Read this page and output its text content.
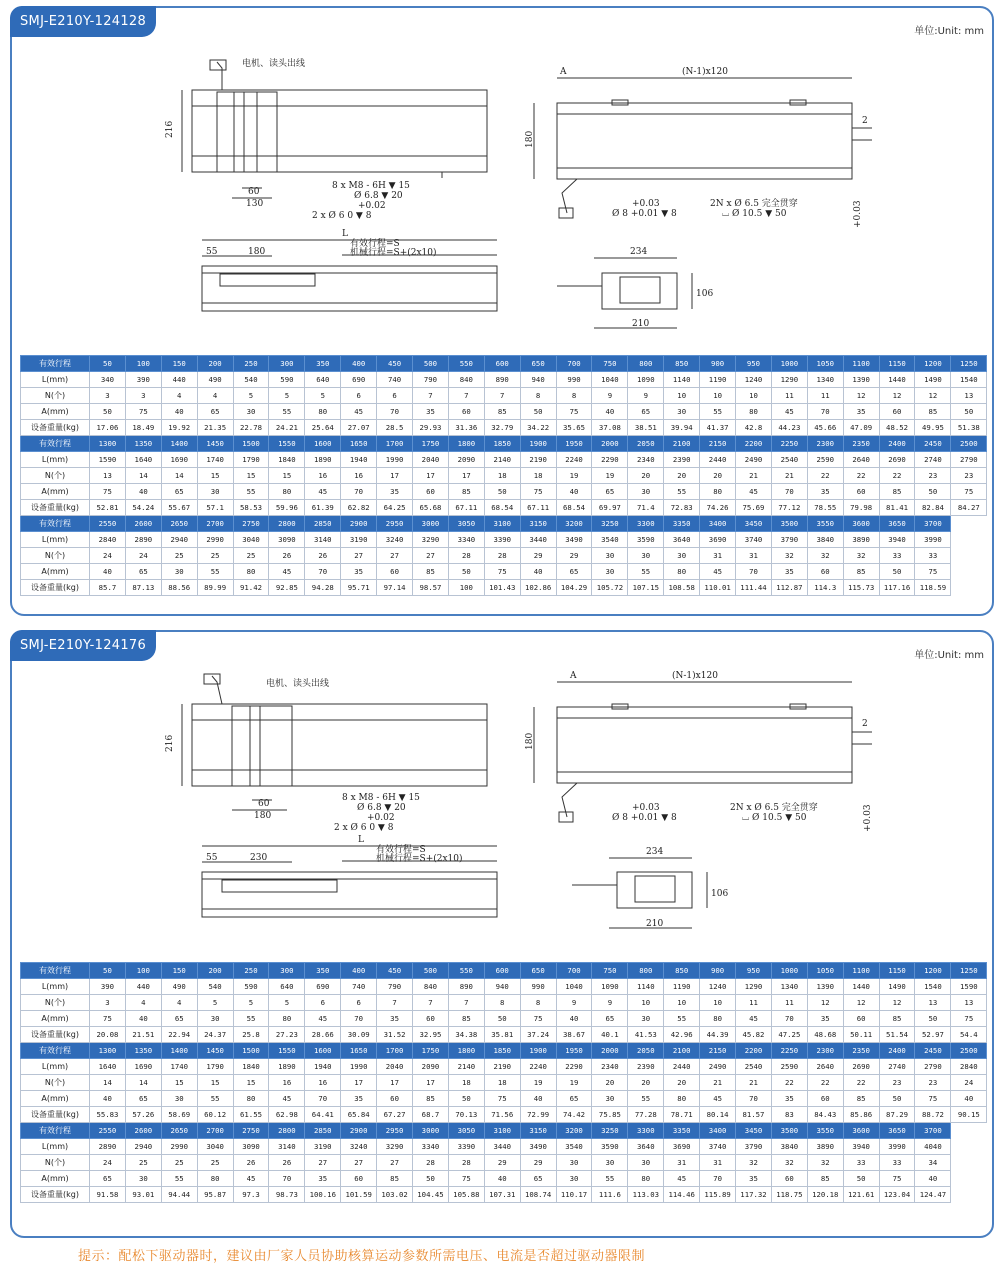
SMJ-E210Y-124128
单位:Unit: mm
电机、读头出线
216
60
130
8 x M8 - 6H ▼ 15
Ø 6.8 ▼ 20
+0.02
2 x Ø 6 0 ▼ 8
A	(N-1)x120
2
180
+0.03
Ø 8 +0.01 ▼ 8
2N x Ø 6.5 完全贯穿
⌴ Ø 10.5 ▼ 50	+0.03
L
55	180
有效行程=S
机械行程=S+(2x10)	234
106
210
有效行程	50	100	150	200	250	300	350	400	450	500	550	600	650	700	750	800	850	900	950	1000	1050	1100	1150	1200	1250
L(mm)	340	390	440	490	540	590	640	690	740	790	840	890	940	990	1040	1090	1140	1190	1240	1290	1340	1390	1440	1490	1540
N(个)	3	3	4	4	5	5	5	6	6	7	7	7	8	8	9	9	10	10	10	11	11	12	12	12	13
A(mm)	50	75	40	65	30	55	80	45	70	35	60	85	50	75	40	65	30	55	80	45	70	35	60	85	50
设备重量(kg)	17.06	18.49	19.92	21.35	22.78	24.21	25.64	27.07	28.5	29.93	31.36	32.79	34.22	35.65	37.08	38.51	39.94	41.37	42.8	44.23	45.66	47.09	48.52	49.95	51.38
有效行程	1300	1350	1400	1450	1500	1550	1600	1650	1700	1750	1800	1850	1900	1950	2000	2050	2100	2150	2200	2250	2300	2350	2400	2450	2500
L(mm)	1590	1640	1690	1740	1790	1840	1890	1940	1990	2040	2090	2140	2190	2240	2290	2340	2390	2440	2490	2540	2590	2640	2690	2740	2790
N(个)	13	14	14	15	15	15	16	16	17	17	17	18	18	19	19	20	20	20	21	21	22	22	22	23	23
A(mm)	75	40	65	30	55	80	45	70	35	60	85	50	75	40	65	30	55	80	45	70	35	60	85	50	75
设备重量(kg)	52.81	54.24	55.67	57.1	58.53	59.96	61.39	62.82	64.25	65.68	67.11	68.54	67.11	68.54	69.97	71.4	72.83	74.26	75.69	77.12	78.55	79.98	81.41	82.84	84.27
有效行程	2550	2600	2650	2700	2750	2800	2850	2900	2950	3000	3050	3100	3150	3200	3250	3300	3350	3400	3450	3500	3550	3600	3650	3700	
L(mm)	2840	2890	2940	2990	3040	3090	3140	3190	3240	3290	3340	3390	3440	3490	3540	3590	3640	3690	3740	3790	3840	3890	3940	3990	
N(个)	24	24	25	25	25	26	26	27	27	27	28	28	29	29	30	30	30	31	31	32	32	32	33	33	
A(mm)	40	65	30	55	80	45	70	35	60	85	50	75	40	65	30	55	80	45	70	35	60	85	50	75	
设备重量(kg)	85.7	87.13	88.56	89.99	91.42	92.85	94.28	95.71	97.14	98.57	100	101.43	102.86	104.29	105.72	107.15	108.58	110.01	111.44	112.87	114.3	115.73	117.16	118.59	
SMJ-E210Y-124176
单位:Unit: mm
电机、读头出线
216
60
180
8 x M8 - 6H ▼ 15
Ø 6.8 ▼ 20
+0.02
2 x Ø 6 0 ▼ 8
A	(N-1)x120
2
180
+0.03
Ø 8 +0.01 ▼ 8
2N x Ø 6.5 完全贯穿
⌴ Ø 10.5 ▼ 50	+0.03
L
55	230
有效行程=S
机械行程=S+(2x10)
234
106
210
有效行程	50	100	150	200	250	300	350	400	450	500	550	600	650	700	750	800	850	900	950	1000	1050	1100	1150	1200	1250
L(mm)	390	440	490	540	590	640	690	740	790	840	890	940	990	1040	1090	1140	1190	1240	1290	1340	1390	1440	1490	1540	1590
N(个)	3	4	4	5	5	5	6	6	7	7	7	8	8	9	9	10	10	10	11	11	12	12	12	13	13
A(mm)	75	40	65	30	55	80	45	70	35	60	85	50	75	40	65	30	55	80	45	70	35	60	85	50	75
设备重量(kg)	20.08	21.51	22.94	24.37	25.8	27.23	28.66	30.09	31.52	32.95	34.38	35.81	37.24	38.67	40.1	41.53	42.96	44.39	45.82	47.25	48.68	50.11	51.54	52.97	54.4
有效行程	1300	1350	1400	1450	1500	1550	1600	1650	1700	1750	1800	1850	1900	1950	2000	2050	2100	2150	2200	2250	2300	2350	2400	2450	2500
L(mm)	1640	1690	1740	1790	1840	1890	1940	1990	2040	2090	2140	2190	2240	2290	2340	2390	2440	2490	2540	2590	2640	2690	2740	2790	2840
N(个)	14	14	15	15	15	16	16	17	17	17	18	18	19	19	20	20	20	21	21	22	22	22	23	23	24
A(mm)	40	65	30	55	80	45	70	35	60	85	50	75	40	65	30	55	80	45	70	35	60	85	50	75	40
设备重量(kg)	55.83	57.26	58.69	60.12	61.55	62.98	64.41	65.84	67.27	68.7	70.13	71.56	72.99	74.42	75.85	77.28	78.71	80.14	81.57	83	84.43	85.86	87.29	88.72	90.15
有效行程	2550	2600	2650	2700	2750	2800	2850	2900	2950	3000	3050	3100	3150	3200	3250	3300	3350	3400	3450	3500	3550	3600	3650	3700	
L(mm)	2890	2940	2990	3040	3090	3140	3190	3240	3290	3340	3390	3440	3490	3540	3590	3640	3690	3740	3790	3840	3890	3940	3990	4040	
N(个)	24	25	25	25	26	26	27	27	27	28	28	29	29	30	30	30	31	31	32	32	32	33	33	34	
A(mm)	65	30	55	80	45	70	35	60	85	50	75	40	65	30	55	80	45	70	35	60	85	50	75	40	
设备重量(kg)	91.58	93.01	94.44	95.87	97.3	98.73	100.16	101.59	103.02	104.45	105.88	107.31	108.74	110.17	111.6	113.03	114.46	115.89	117.32	118.75	120.18	121.61	123.04	124.47	
提示：配松下驱动器时，建议由厂家人员协助核算运动参数所需电压、电流是否超过驱动器限制
